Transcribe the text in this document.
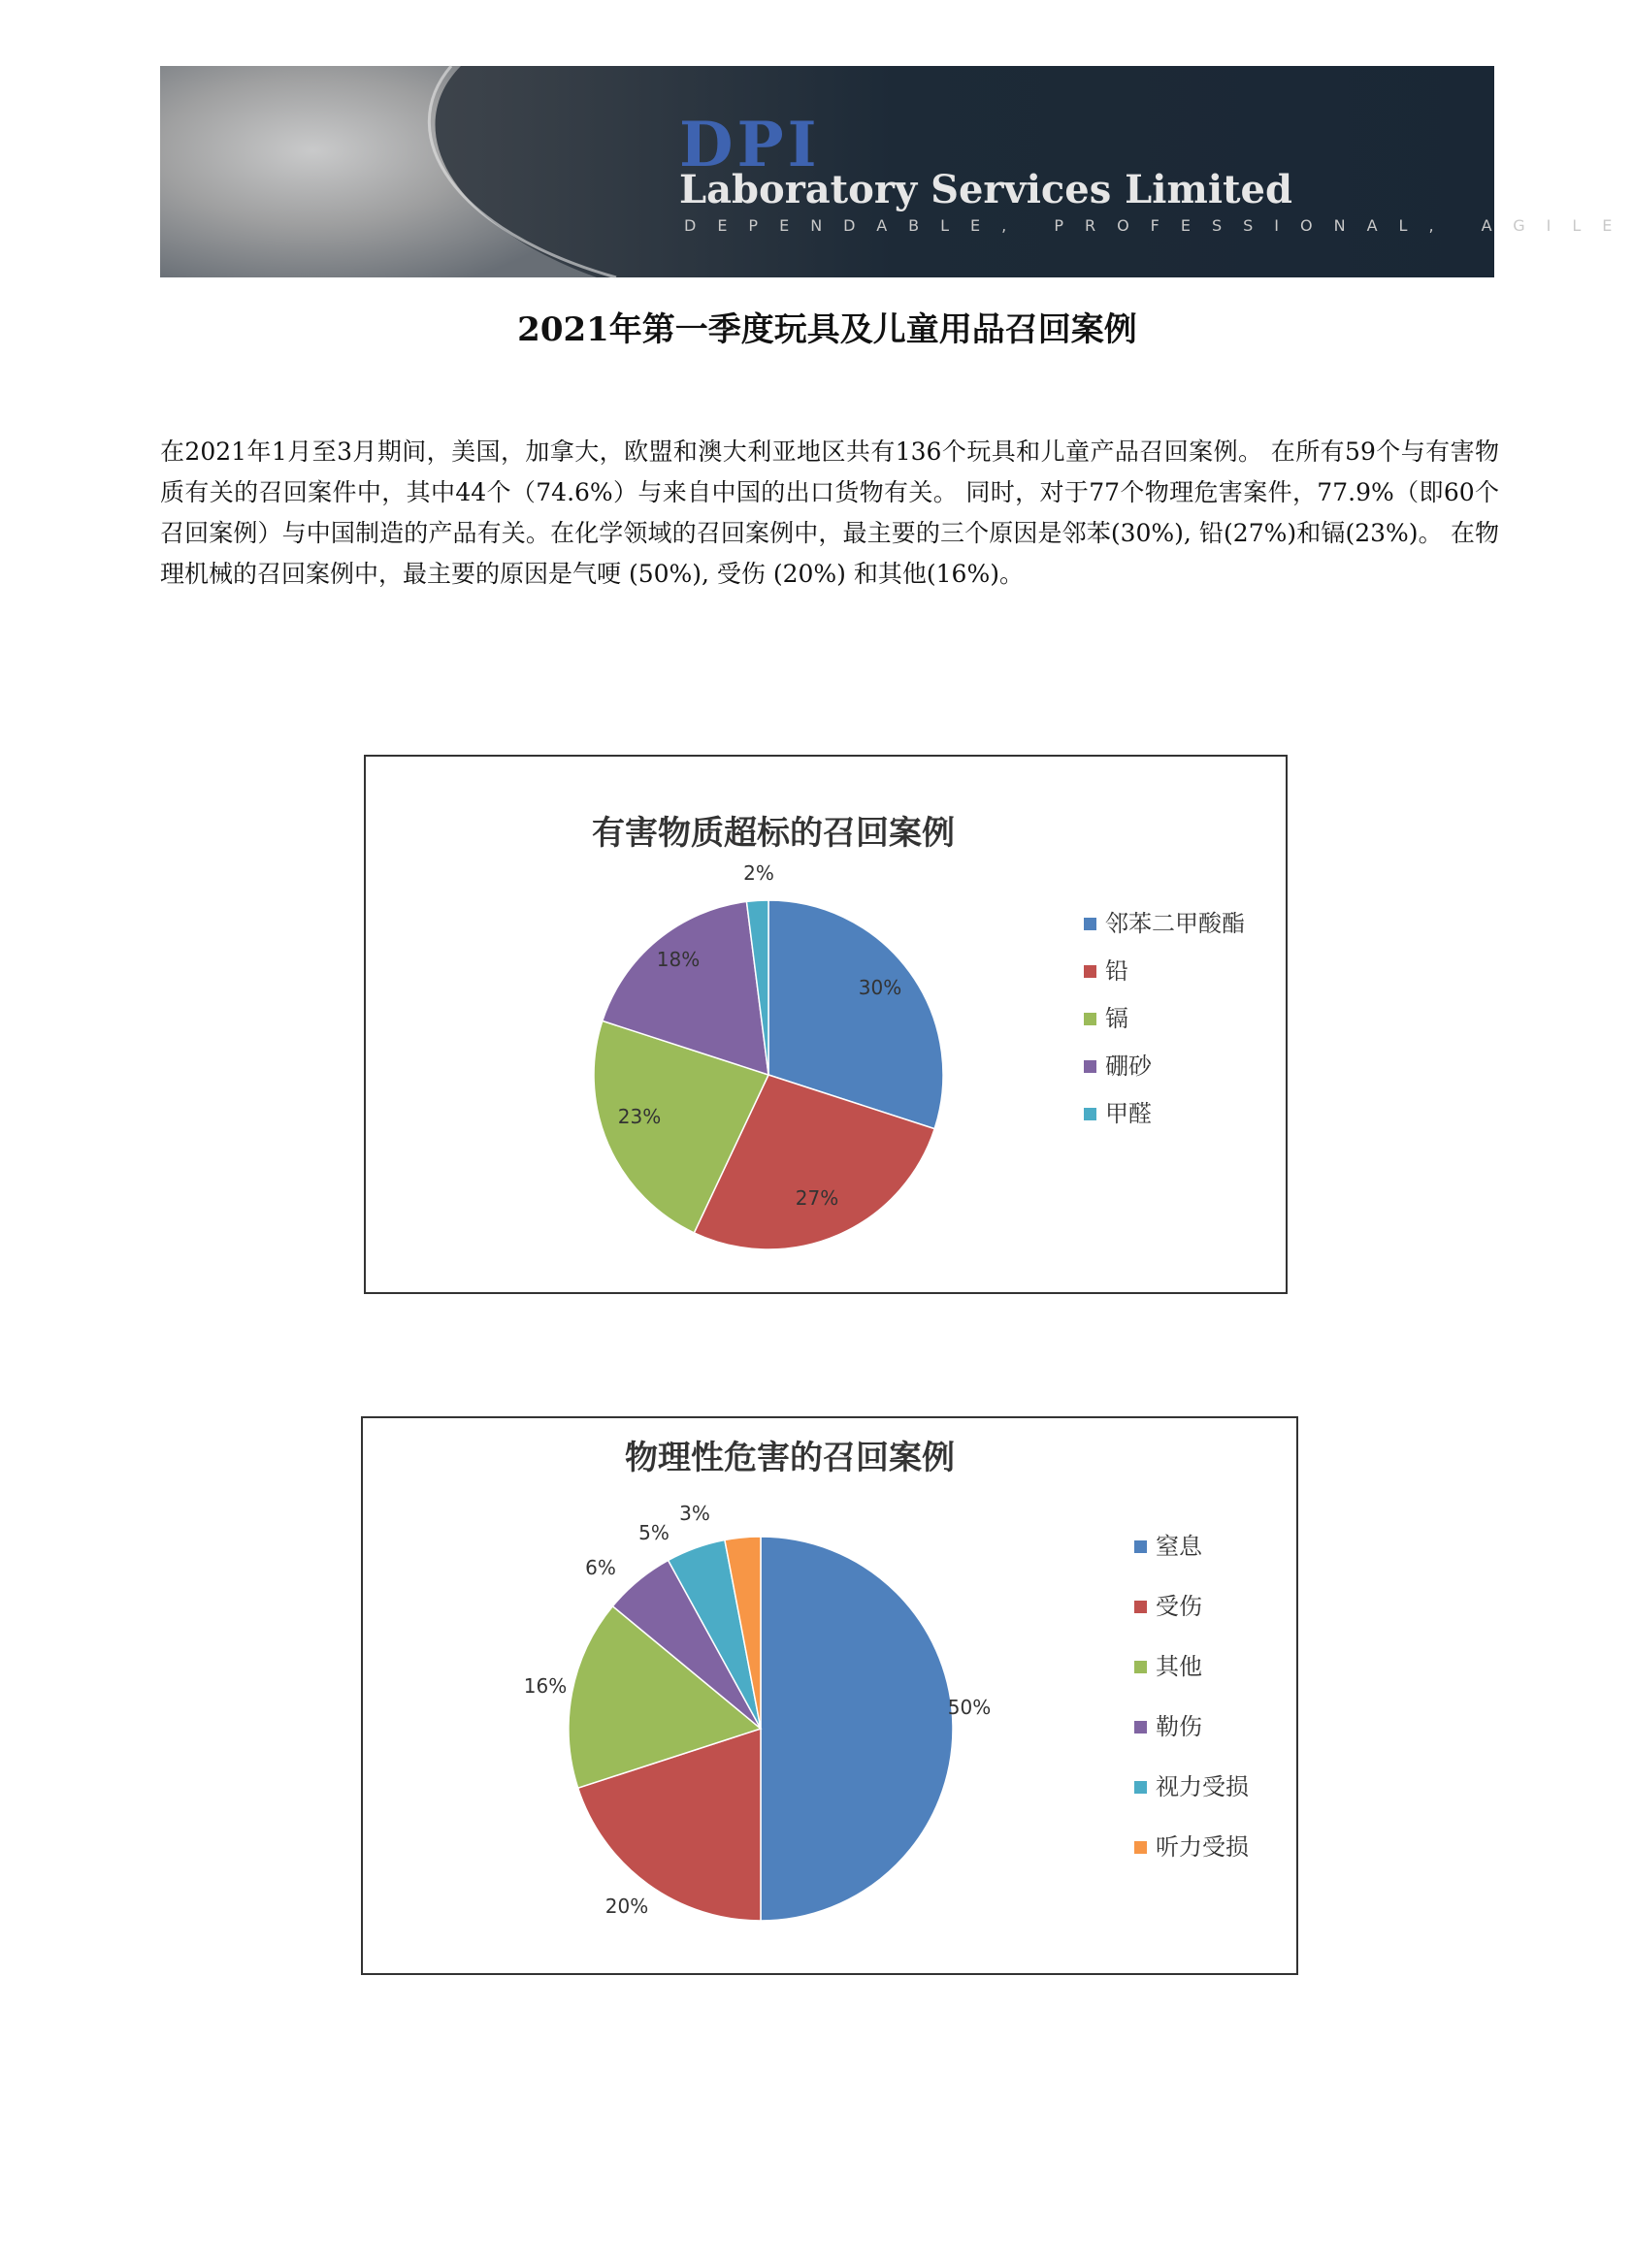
DPI
Laboratory Services Limited
DEPENDABLE, PROFESSIONAL, AGILE
2021年第一季度玩具及儿童用品召回案例

在2021年1月至3月期间，美国，加拿大，欧盟和澳大利亚地区共有136个玩具和儿童产品召回案例。 在所有59个与有害物质有关的召回案件中，其中44个（74.6%）与来自中国的出口货物有关。 同时，对于77个物理危害案件，77.9%（即60个召回案例）与中国制造的产品有关。在化学领域的召回案例中，最主要的三个原因是邻苯(30%), 铅(27%)和镉(23%)。 在物理机械的召回案例中，最主要的原因是气哽 (50%), 受伤 (20%) 和其他(16%)。

有害物质超标的召回案例
30%
27%
23%
18%
2%
邻苯二甲酸酯
铅
镉
硼砂
甲醛
物理性危害的召回案例
50%
20%
16%
6%
5%
3%
窒息
受伤
其他
勒伤
视力受损
听力受损
